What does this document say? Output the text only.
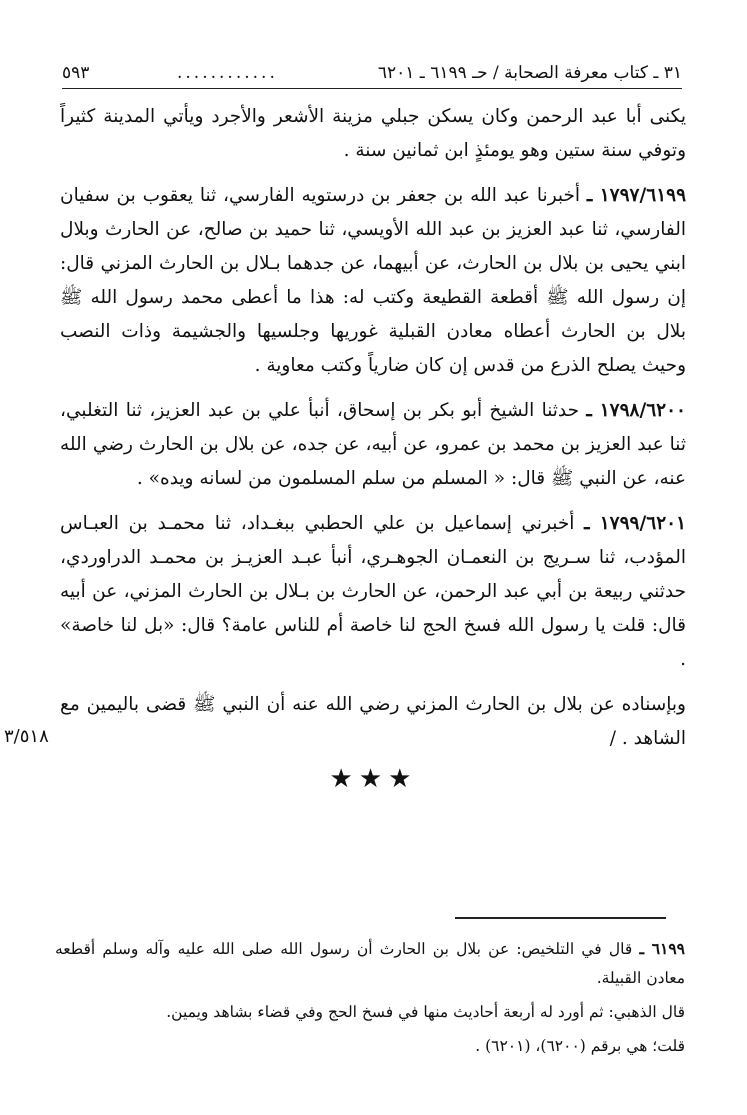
٣١ ـ كتاب معرفة الصحابة / حـ ٦١٩٩ ـ ٦٢٠١
............
٥٩٣

يكنى أبا عبد الرحمن وكان يسكن جبلي مزينة الأشعر والأجرد ويأتي المدينة كثيراً وتوفي سنة ستين وهو يومئذٍ ابن ثمانين سنة .

١٧٩٧/٦١٩٩ ـ أخبرنا عبد الله بن جعفر بن درستويه الفارسي، ثنا يعقوب بن سفيان الفارسي، ثنا عبد العزيز بن عبد الله الأويسي، ثنا حميد بن صالح، عن الحارث وبلال ابني يحيى بن بلال بن الحارث، عن أبيهما، عن جدهما بـلال بن الحارث المزني قال: إن رسول الله ﷺ أقطعة القطيعة وكتب له: هذا ما أعطى محمد رسول الله ﷺ بلال بن الحارث أعطاه معادن القبلية غوريها وجلسيها والجشيمة وذات النصب وحيث يصلح الذرع من قدس إن كان ضارياً وكتب معاوية .

١٧٩٨/٦٢٠٠ ـ حدثنا الشيخ أبو بكر بن إسحاق، أنبأ علي بن عبد العزيز، ثنا التغلبي، ثنا عبد العزيز بن محمد بن عمرو، عن أبيه، عن جده، عن بلال بن الحارث رضي الله عنه، عن النبي ﷺ قال: « المسلم من سلم المسلمون من لسانه ويده» .

١٧٩٩/٦٢٠١ ـ أخبرني إسماعيل بن علي الحطبي ببغـداد، ثنا محمـد بن العبـاس المؤدب، ثنا سـريج بن النعمـان الجوهـري، أنبأ عبـد العزيـز بن محمـد الدراوردي، حدثني ربيعة بن أبي عبد الرحمن، عن الحارث بن بـلال بن الحارث المزني، عن أبيه قال: قلت يا رسول الله فسخ الحج لنا خاصة أم للناس عامة؟ قال: «بل لنا خاصة» .

وبإسناده عن بلال بن الحارث المزني رضي الله عنه أن النبي ﷺ قضى باليمين مع الشاهد . /

٣/٥١٨
★★★

٦١٩٩ ـ قال في التلخيص: عن بلال بن الحارث أن رسول الله صلى الله عليه وآله وسلم أقطعه معادن القبيلة.

قال الذهبي: ثم أورد له أربعة أحاديث منها في فسخ الحج وفي قضاء بشاهد ويمين.

قلت؛ هي برقم (٦٢٠٠)، (٦٢٠١) .
